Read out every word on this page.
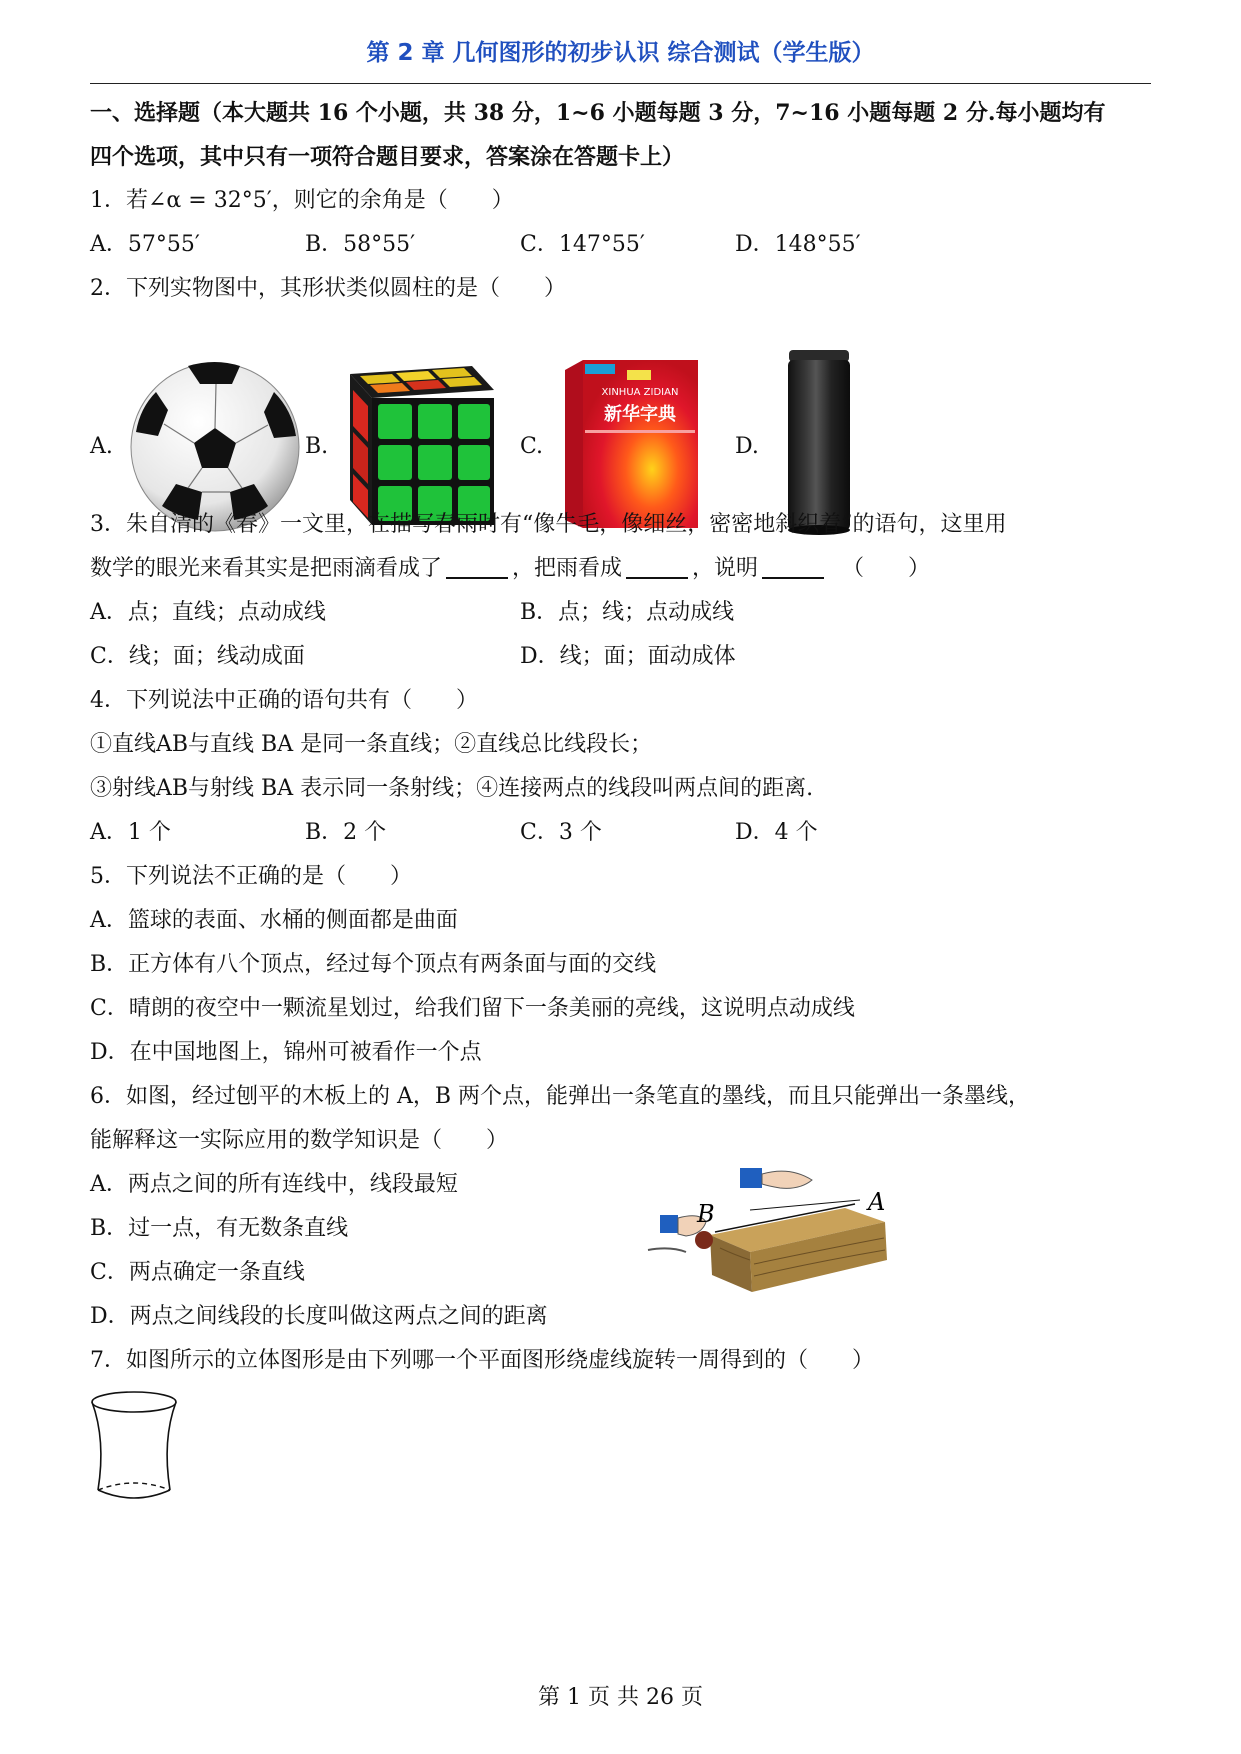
第 2 章 几何图形的初步认识 综合测试（学生版）
一、选择题（本大题共 16 个小题，共 38 分，1~6 小题每题 3 分，7~16 小题每题 2 分.每小题均有
四个选项，其中只有一项符合题目要求，答案涂在答题卡上）
1．若∠α = 32°5′，则它的余角是（　　）
A．57°55′	B．58°55′	C．147°55′	D．148°55′
2．下列实物图中，其形状类似圆柱的是（　　）
A.	B.	C.	D.
XINHUA ZIDIAN
新华字典
3．朱自清的《春》一文里，在描写春雨时有“像牛毛，像细丝，密密地斜织着”的语句，这里用
数学的眼光来看其实是把雨滴看成了	，把雨看成	，说明	（　　）
A．点；直线；点动成线	B．点；线；点动成线
C．线；面；线动成面	D．线；面；面动成体
4．下列说法中正确的语句共有（　　）
①直线AB与直线 BA 是同一条直线；②直线总比线段长；
③射线AB与射线 BA 表示同一条射线；④连接两点的线段叫两点间的距离.
A．1 个	B．2 个	C．3 个	D．4 个
5．下列说法不正确的是（　　）
A．篮球的表面、水桶的侧面都是曲面
B．正方体有八个顶点，经过每个顶点有两条面与面的交线
C．晴朗的夜空中一颗流星划过，给我们留下一条美丽的亮线，这说明点动成线
D．在中国地图上，锦州可被看作一个点
6．如图，经过刨平的木板上的 A，B 两个点，能弹出一条笔直的墨线，而且只能弹出一条墨线，
能解释这一实际应用的数学知识是（　　）
A．两点之间的所有连线中，线段最短
B．过一点，有无数条直线
C．两点确定一条直线
D．两点之间线段的长度叫做这两点之间的距离
B	A
7．如图所示的立体图形是由下列哪一个平面图形绕虚线旋转一周得到的（　　）
第 1 页 共 26 页
